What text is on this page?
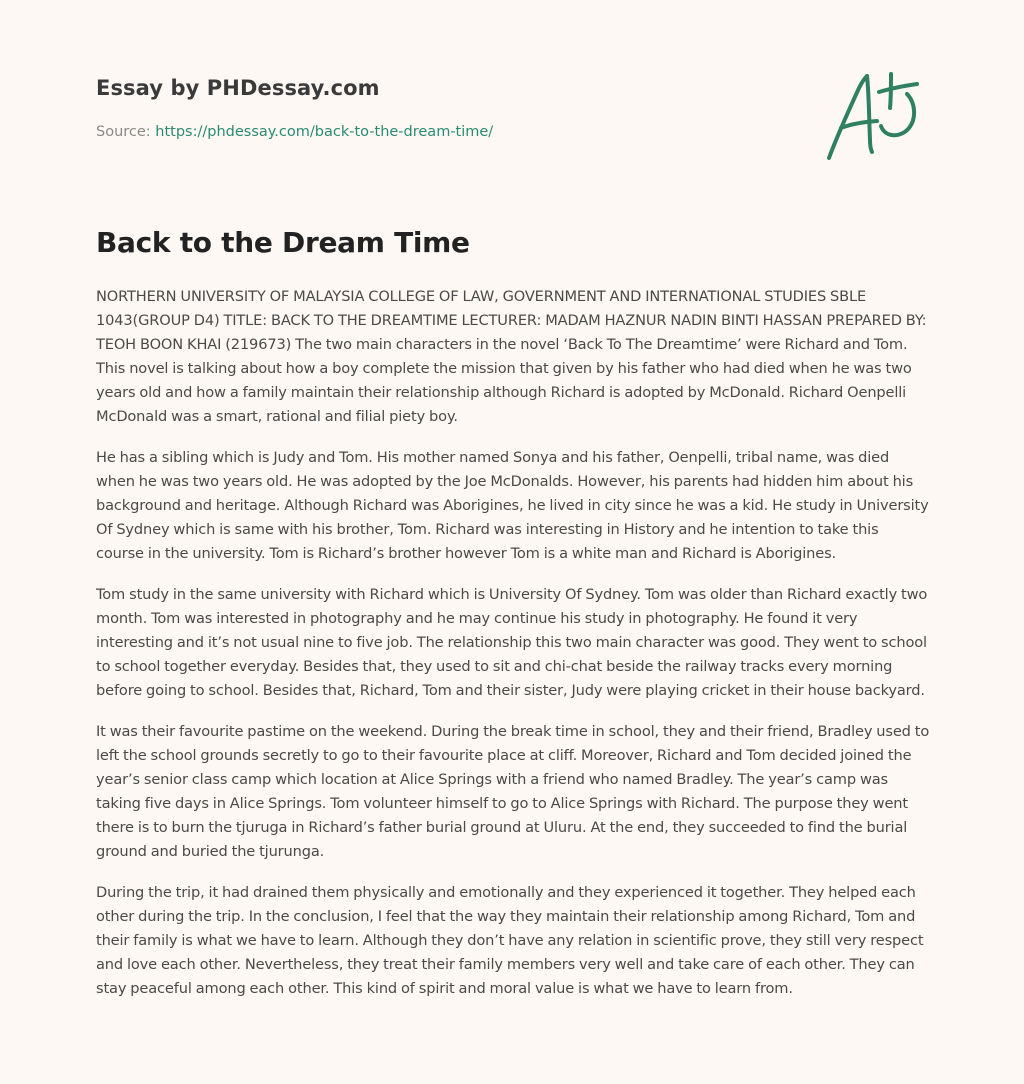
Essay by PHDessay.com
Source: https://phdessay.com/back-to-the-dream-time/
Back to the Dream Time

NORTHERN UNIVERSITY OF MALAYSIA COLLEGE OF LAW, GOVERNMENT AND INTERNATIONAL STUDIES SBLE 1043(GROUP D4) TITLE: BACK TO THE DREAMTIME LECTURER: MADAM HAZNUR NADIN BINTI HASSAN PREPARED BY: TEOH BOON KHAI (219673) The two main characters in the novel ‘Back To The Dreamtime’ were Richard and Tom. This novel is talking about how a boy complete the mission that given by his father who had died when he was two years old and how a family maintain their relationship although Richard is adopted by McDonald. Richard Oenpelli McDonald was a smart, rational and filial piety boy.

He has a sibling which is Judy and Tom. His mother named Sonya and his father, Oenpelli, tribal name, was died when he was two years old. He was adopted by the Joe McDonalds. However, his parents had hidden him about his background and heritage. Although Richard was Aborigines, he lived in city since he was a kid. He study in University Of Sydney which is same with his brother, Tom. Richard was interesting in History and he intention to take this course in the university. Tom is Richard’s brother however Tom is a white man and Richard is Aborigines.

Tom study in the same university with Richard which is University Of Sydney. Tom was older than Richard exactly two month. Tom was interested in photography and he may continue his study in photography. He found it very interesting and it’s not usual nine to five job. The relationship this two main character was good. They went to school to school together everyday. Besides that, they used to sit and chi-chat beside the railway tracks every morning before going to school. Besides that, Richard, Tom and their sister, Judy were playing cricket in their house backyard.

It was their favourite pastime on the weekend. During the break time in school, they and their friend, Bradley used to left the school grounds secretly to go to their favourite place at cliff. Moreover, Richard and Tom decided joined the year’s senior class camp which location at Alice Springs with a friend who named Bradley. The year’s camp was taking five days in Alice Springs. Tom volunteer himself to go to Alice Springs with Richard. The purpose they went there is to burn the tjuruga in Richard’s father burial ground at Uluru. At the end, they succeeded to find the burial ground and buried the tjurunga.

During the trip, it had drained them physically and emotionally and they experienced it together. They helped each other during the trip. In the conclusion, I feel that the way they maintain their relationship among Richard, Tom and their family is what we have to learn. Although they don’t have any relation in scientific prove, they still very respect and love each other. Nevertheless, they treat their family members very well and take care of each other. They can stay peaceful among each other. This kind of spirit and moral value is what we have to learn from.
